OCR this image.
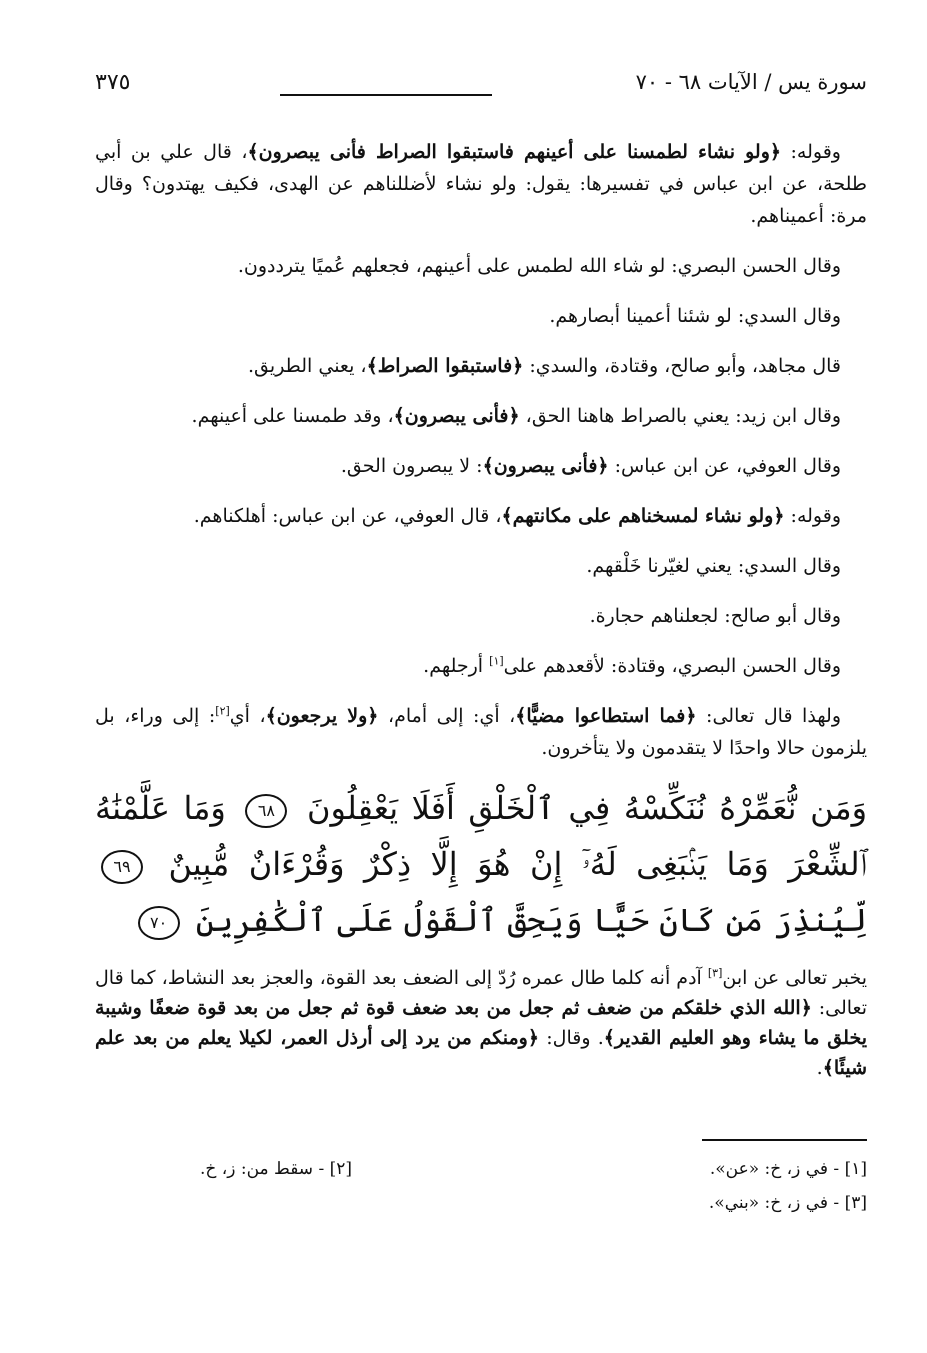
سورة يس / الآيات ٦٨ - ٧٠
٣٧٥

وقوله: ﴿ولو نشاء لطمسنا على أعينهم فاستبقوا الصراط فأنى يبصرون﴾، قال علي بن أبي طلحة، عن ابن عباس في تفسيرها: يقول: ولو نشاء لأضللناهم عن الهدى، فكيف يهتدون؟ وقال مرة: أعميناهم.

وقال الحسن البصري: لو شاء الله لطمس على أعينهم، فجعلهم عُميًا يترددون.

وقال السدي: لو شئنا أعمينا أبصارهم.

قال مجاهد، وأبو صالح، وقتادة، والسدي: ﴿فاستبقوا الصراط﴾، يعني الطريق.

وقال ابن زيد: يعني بالصراط هاهنا الحق، ﴿فأنى يبصرون﴾، وقد طمسنا على أعينهم.

وقال العوفي، عن ابن عباس: ﴿فأنى يبصرون﴾: لا يبصرون الحق.

وقوله: ﴿ولو نشاء لمسخناهم على مكانتهم﴾، قال العوفي، عن ابن عباس: أهلكناهم.

وقال السدي: يعني لغيّرنا خَلْقهم.

وقال أبو صالح: لجعلناهم حجارة.

وقال الحسن البصري، وقتادة: لأقعدهم على[١] أرجلهم.

ولهذا قال تعالى: ﴿فما استطاعوا مضيًّا﴾، أي: إلى أمام، ﴿ولا يرجعون﴾، أي[٢]: إلى وراء، بل يلزمون حالا واحدًا لا يتقدمون ولا يتأخرون.

وَمَن نُّعَمِّرْهُ نُنَكِّسْهُ فِي ٱلْخَلْقِ أَفَلَا يَعْقِلُونَ ٦٨ وَمَا عَلَّمْنَٰهُ ٱلشِّعْرَ وَمَا يَنۢبَغِى لَهُۥٓ إِنْ هُوَ إِلَّا ذِكْرٌ وَقُرْءَانٌ مُّبِينٌ ٦٩ لِّيُنذِرَ مَن كَانَ حَيًّا وَيَحِقَّ ٱلْقَوْلُ عَلَى ٱلْكَٰفِرِينَ ٧٠

يخبر تعالى عن ابن[٣] آدم أنه كلما طال عمره رُدّ إلى الضعف بعد القوة، والعجز بعد النشاط، كما قال تعالى: ﴿الله الذي خلقكم من ضعف ثم جعل من بعد ضعف قوة ثم جعل من بعد قوة ضعفًا وشيبة يخلق ما يشاء وهو العليم القدير﴾. وقال: ﴿ومنكم من يرد إلى أرذل العمر، لكيلا يعلم من بعد علم شيئًا﴾.

[١] - في ز، خ: «عن».
[٢] - سقط من: ز، خ.
[٣] - في ز، خ: «بني».
